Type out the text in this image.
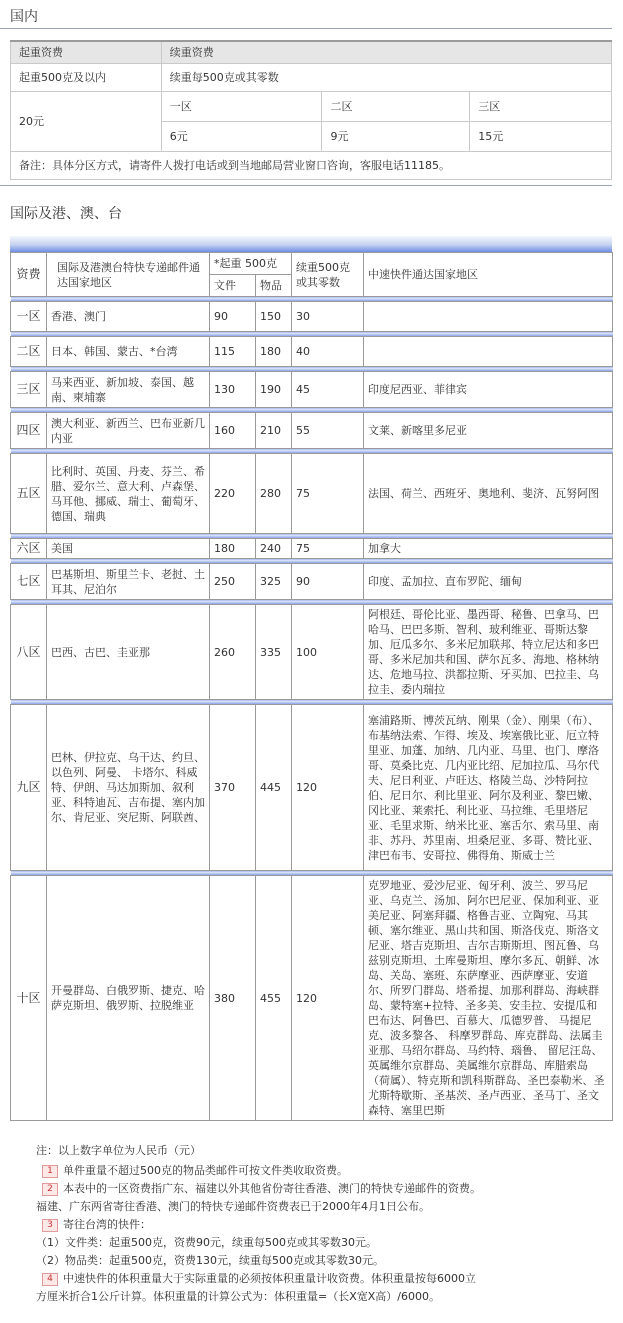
国内
起重资费	续重资费		
起重500克及以内	续重每500克或其零数		
20元	一区	二区	三区
	6元	9元	15元
备注：具体分区方式，请寄件人拨打电话或到当地邮局营业窗口咨询，客服电话11185。			
国际及港、澳、台
资费	国际及港澳台特快专递邮件通达国家地区	*起重 500克		续重500克或其零数	中速快件通达国家地区
		文件	物品		

一区	香港、澳门	90	150	30	

二区	日本、韩国、蒙古、*台湾	115	180	40	

三区	马来西亚、新加坡、泰国、越南、柬埔寨	130	190	45	印度尼西亚、菲律宾

四区	澳大利亚、新西兰、巴布亚新几内亚	160	210	55	文莱、新喀里多尼亚

五区	比利时、英国、丹麦、芬兰、希腊、爱尔兰、意大利、卢森堡、马耳他、挪威、瑞士、葡萄牙、德国、瑞典	220	280	75	法国、荷兰、西班牙、奥地利、斐济、瓦努阿图

六区	美国	180	240	75	加拿大

七区	巴基斯坦、斯里兰卡、老挝、土耳其、尼泊尔	250	325	90	印度、孟加拉、直布罗陀、缅甸

八区	巴西、古巴、圭亚那	260	335	100	阿根廷、哥伦比亚、墨西哥、秘鲁、巴拿马、巴哈马、巴巴多斯、智利、玻利维亚、哥斯达黎加、厄瓜多尔、多米尼加联邦、特立尼达和多巴哥、多米尼加共和国、萨尔瓦多、海地、格林纳达、危地马拉、洪都拉斯、牙买加、巴拉圭、乌拉圭、委内瑞拉

九区	巴林、伊拉克、乌干达、约旦、以色列、阿曼、 卡塔尔、科威特、伊朗、马达加斯加、叙利亚、科特迪瓦、吉布提、塞内加尔、肯尼亚、突尼斯、阿联酋、	370	445	120	塞浦路斯、博茨瓦纳、刚果（金）、刚果（布）、布基纳法索、乍得、埃及、埃塞俄比亚、厄立特里亚、加蓬、加纳、几内亚、马里、也门、摩洛哥、莫桑比克、几内亚比绍、尼加拉瓜、马尔代夫、尼日利亚、卢旺达、格陵兰岛、沙特阿拉伯、尼日尔、利比里亚、阿尔及利亚、黎巴嫩、冈比亚、莱索托、利比亚、马拉维、毛里塔尼亚、毛里求斯、纳米比亚、塞舌尔、索马里、南非、苏丹、苏里南、坦桑尼亚、多哥、赞比亚、津巴布韦、安哥拉、佛得角、斯威士兰

十区	开曼群岛、白俄罗斯、捷克、哈萨克斯坦、俄罗斯、拉脱维亚	380	455	120	克罗地亚、爱沙尼亚、匈牙利、波兰、罗马尼亚、乌克兰、汤加、阿尔巴尼亚、保加利亚、亚美尼亚、阿塞拜疆、格鲁吉亚、立陶宛、马其顿、塞尔维亚、黑山共和国、斯洛伐克、斯洛文尼亚、塔吉克斯坦、吉尔吉斯斯坦、图瓦鲁、乌兹别克斯坦、土库曼斯坦、摩尔多瓦、朝鲜、冰岛、关岛、塞班、东萨摩亚、西萨摩亚、安道尔、所罗门群岛、塔希提、加那利群岛、海峡群岛、蒙特塞+拉特、圣多美、安圭拉、安提瓜和巴布达、阿鲁巴、百慕大、瓜德罗普、 马提尼克、波多黎各、 科摩罗群岛、库克群岛、法属圭亚那、马绍尔群岛、马约特、瑙鲁、 留尼汪岛、英属维尔京群岛、美属维尔京群岛、库腊索岛（荷属）、特克斯和凯科斯群岛、圣巴泰勒米、圣尤斯特歇斯、圣基茨、圣卢西亚、圣马丁、圣文森特、塞里巴斯
注：以上数字单位为人民币（元）
1 单件重量不超过500克的物品类邮件可按文件类收取资费。
2 本表中的一区资费指广东、福建以外其他省份寄往香港、澳门的特快专递邮件的资费。
福建、广东两省寄往香港、澳门的特快专递邮件资费表已于2000年4月1日公布。
3 寄往台湾的快件：
（1）文件类：起重500克，资费90元，续重每500克或其零数30元。
（2）物品类：起重500克，资费130元，续重每500克或其零数30元。
4 中速快件的体积重量大于实际重量的必须按体积重量计收资费。体积重量按每6000立
方厘米折合1公斤计算。体积重量的计算公式为：体积重量=（长X宽X高）/6000。
